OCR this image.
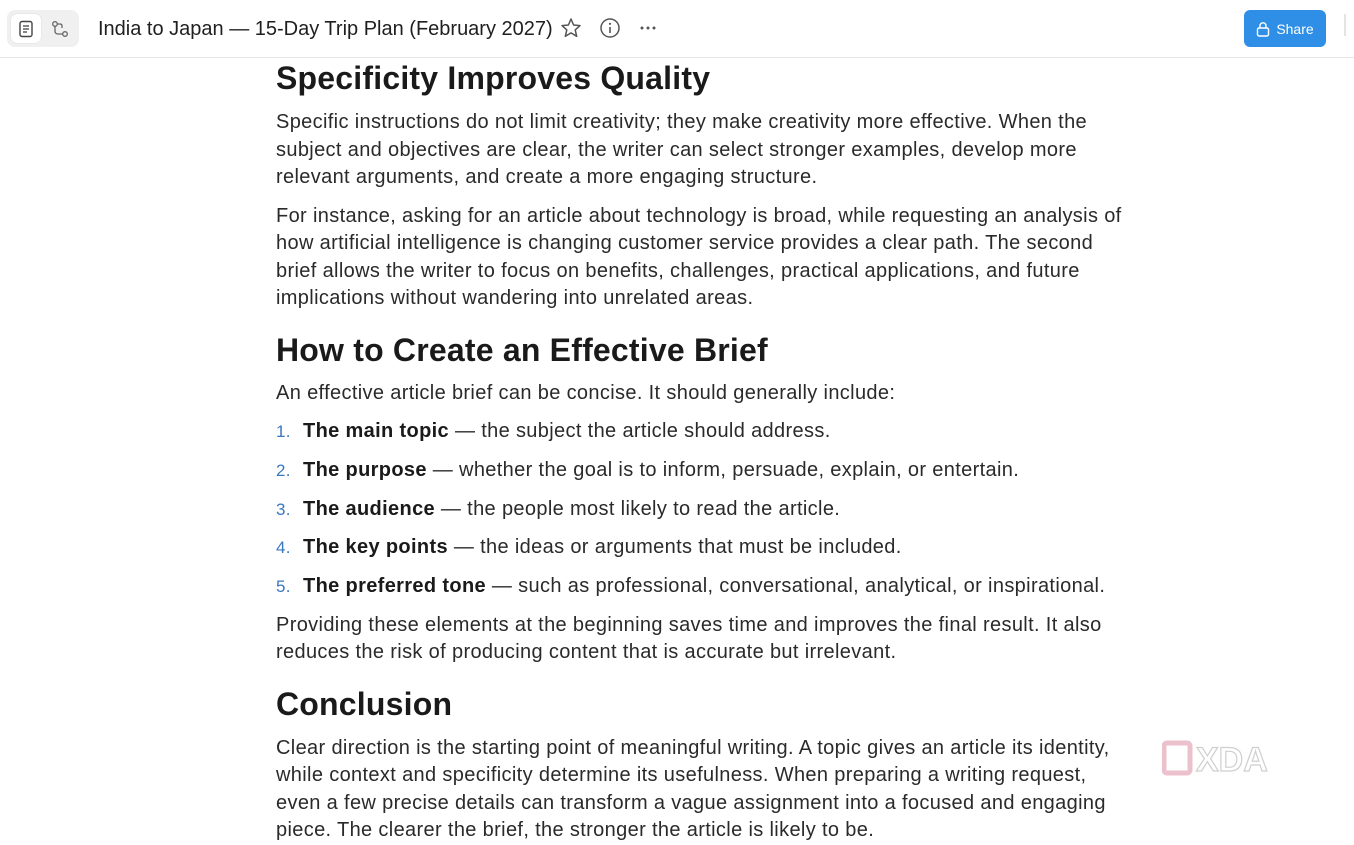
India to Japan — 15-Day Trip Plan (February 2027)	Share
Specificity Improves Quality

Specific instructions do not limit creativity; they make creativity more effective. When the subject and objectives are clear, the writer can select stronger examples, develop more relevant arguments, and create a more engaging structure.

For instance, asking for an article about technology is broad, while requesting an analysis of how artificial intelligence is changing customer service provides a clear path. The second brief allows the writer to focus on benefits, challenges, practical applications, and future implications without wandering into unrelated areas.

How to Create an Effective Brief

An effective article brief can be concise. It should generally include:

1. The main topic — the subject the article should address.
2. The purpose — whether the goal is to inform, persuade, explain, or entertain.
3. The audience — the people most likely to read the article.
4. The key points — the ideas or arguments that must be included.
5. The preferred tone — such as professional, conversational, analytical, or inspirational.

Providing these elements at the beginning saves time and improves the final result. It also reduces the risk of producing content that is accurate but irrelevant.

Conclusion

Clear direction is the starting point of meaningful writing. A topic gives an article its identity, while context and specificity determine its usefulness. When preparing a writing request, even a few precise details can transform a vague assignment into a focused and engaging piece. The clearer the brief, the stronger the article is likely to be.

XDA
